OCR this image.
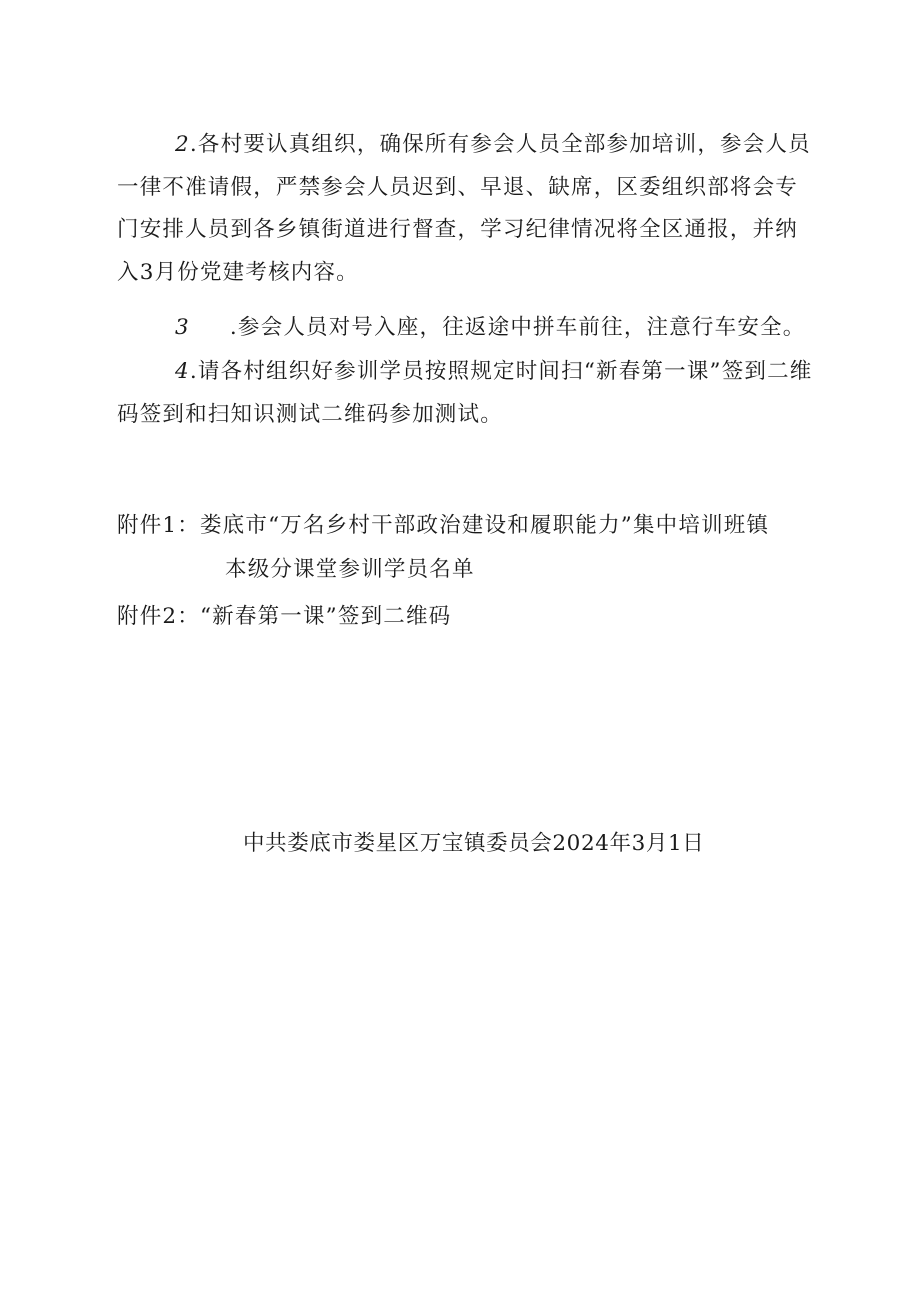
2.各村要认真组织，确保所有参会人员全部参加培训，参会人员一律不准请假，严禁参会人员迟到、早退、缺席，区委组织部将会专门安排人员到各乡镇街道进行督查，学习纪律情况将全区通报，并纳入3月份党建考核内容。

3 .参会人员对号入座，往返途中拼车前往，注意行车安全。

4.请各村组织好参训学员按照规定时间扫“新春第一课”签到二维码签到和扫知识测试二维码参加测试。

附件1：娄底市“万名乡村干部政治建设和履职能力”集中培训班镇

本级分课堂参训学员名单

附件2：“新春第一课”签到二维码

中共娄底市娄星区万宝镇委员会2024年3月1日
